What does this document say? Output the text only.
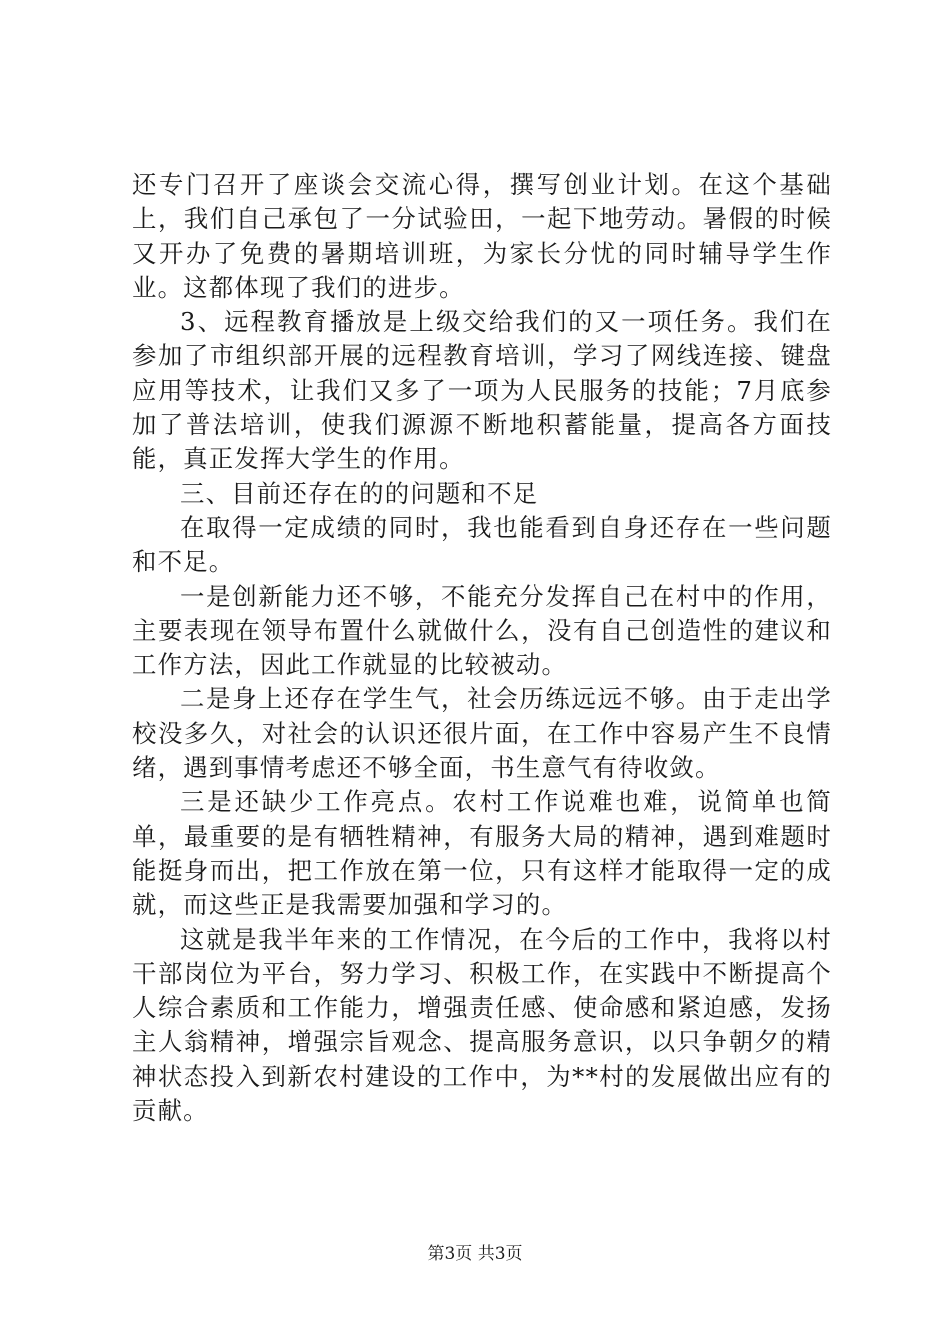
还专门召开了座谈会交流心得，撰写创业计划。在这个基础上，我们自己承包了一分试验田，一起下地劳动。暑假的时候又开办了免费的暑期培训班，为家长分忧的同时辅导学生作业。这都体现了我们的进步。

3、远程教育播放是上级交给我们的又一项任务。我们在参加了市组织部开展的远程教育培训，学习了网线连接、键盘应用等技术，让我们又多了一项为人民服务的技能；7月底参加了普法培训，使我们源源不断地积蓄能量，提高各方面技能，真正发挥大学生的作用。

三、目前还存在的的问题和不足

在取得一定成绩的同时，我也能看到自身还存在一些问题和不足。

一是创新能力还不够，不能充分发挥自己在村中的作用，主要表现在领导布置什么就做什么，没有自己创造性的建议和工作方法，因此工作就显的比较被动。

二是身上还存在学生气，社会历练远远不够。由于走出学校没多久，对社会的认识还很片面，在工作中容易产生不良情绪，遇到事情考虑还不够全面，书生意气有待收敛。

三是还缺少工作亮点。农村工作说难也难，说简单也简单，最重要的是有牺牲精神，有服务大局的精神，遇到难题时能挺身而出，把工作放在第一位，只有这样才能取得一定的成就，而这些正是我需要加强和学习的。

这就是我半年来的工作情况，在今后的工作中，我将以村干部岗位为平台，努力学习、积极工作，在实践中不断提高个人综合素质和工作能力，增强责任感、使命感和紧迫感，发扬主人翁精神，增强宗旨观念、提高服务意识，以只争朝夕的精神状态投入到新农村建设的工作中，为**村的发展做出应有的贡献。

第3页 共3页
